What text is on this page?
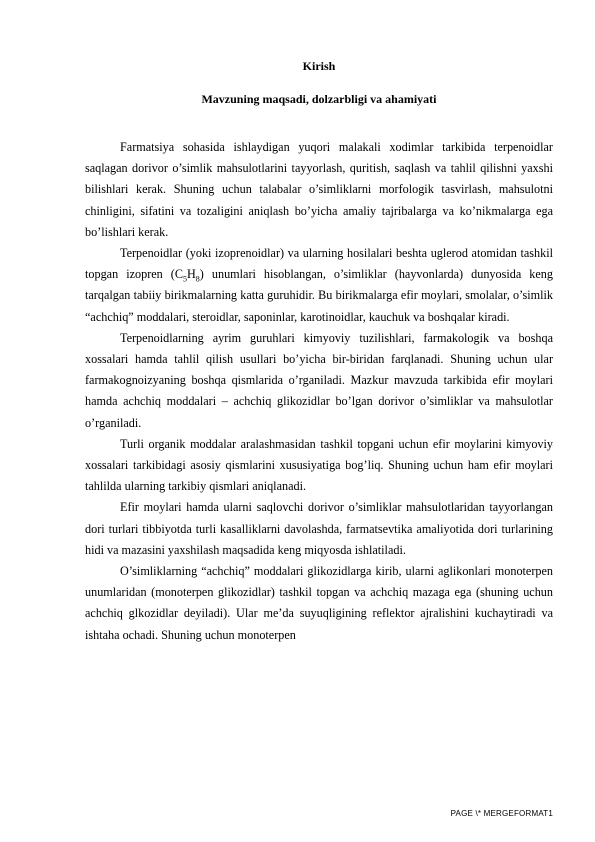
Kirish
Mavzuning maqsadi, dolzarbligi va ahamiyati

Farmatsiya sohasida ishlaydigan yuqori malakali xodimlar tarkibida terpenoidlar saqlagan dorivor o’simlik mahsulotlarini tayyorlash, quritish, saqlash va tahlil qilishni yaxshi bilishlari kerak. Shuning uchun talabalar o’simliklarni morfologik tasvirlash, mahsulotni chinligini, sifatini va tozaligini aniqlash bo’yicha amaliy tajribalarga va ko’nikmalarga ega bo’lishlari kerak.

Terpenoidlar (yoki izoprenoidlar) va ularning hosilalari beshta uglerod atomidan tashkil topgan izopren $(C_5H_8)$ unumlari hisoblangan, o’simliklar (hayvonlarda) dunyosida keng tarqalgan tabiiy birikmalarning katta guruhidir. Bu birikmalarga efir moylari, smolalar, o’simlik “achchiq” moddalari, steroidlar, saponinlar, karotinoidlar, kauchuk va boshqalar kiradi.

Terpenoidlarning ayrim guruhlari kimyoviy tuzilishlari, farmakologik va boshqa xossalari hamda tahlil qilish usullari bo’yicha bir-biridan farqlanadi. Shuning uchun ular farmakognoizyaning boshqa qismlarida o’rganiladi. Mazkur mavzuda tarkibida efir moylari hamda achchiq moddalari – achchiq glikozidlar bo’lgan dorivor o’simliklar va mahsulotlar o’rganiladi.

Turli organik moddalar aralashmasidan tashkil topgani uchun efir moylarini kimyoviy xossalari tarkibidagi asosiy qismlarini xususiyatiga bog’liq. Shuning uchun ham efir moylari tahlilda ularning tarkibiy qismlari aniqlanadi.

Efir moylari hamda ularni saqlovchi dorivor o’simliklar mahsulotlaridan tayyorlangan dori turlari tibbiyotda turli kasalliklarni davolashda, farmatsevtika amaliyotida dori turlarining hidi va mazasini yaxshilash maqsadida keng miqyosda ishlatiladi.

O’simliklarning “achchiq” moddalari glikozidlarga kirib, ularni aglikonlari monoterpen unumlaridan (monoterpen glikozidlar) tashkil topgan va achchiq mazaga ega (shuning uchun achchiq glkozidlar deyiladi). Ular me’da suyuqligining reflektor ajralishini kuchaytiradi va ishtaha ochadi. Shuning uchun monoterpen

PAGE \* MERGEFORMAT1
